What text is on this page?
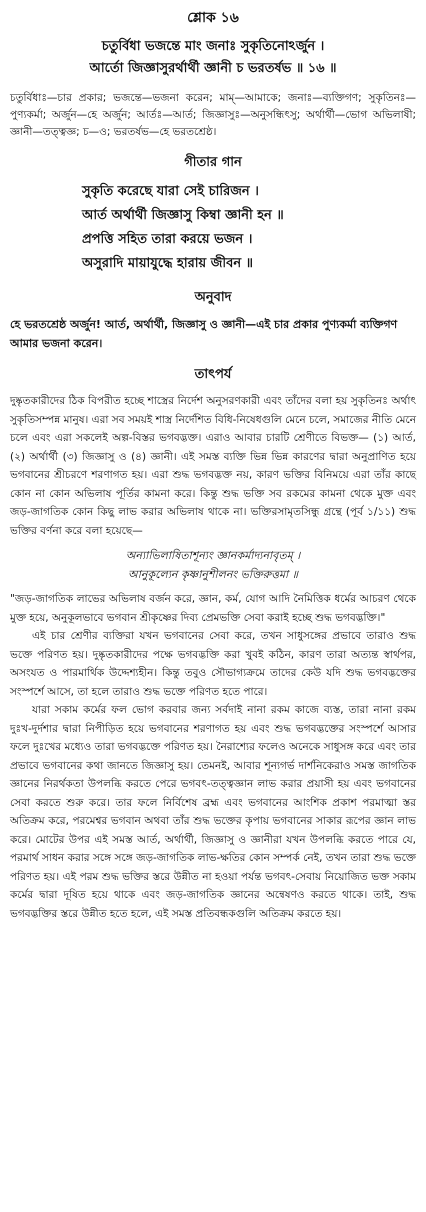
শ্লোক ১৬

চতুর্বিধা ভজন্তে মাং জনাঃ সুকৃতিনোঽর্জুন ।

আর্তো জিজ্ঞাসুরর্থার্থী জ্ঞানী চ ভরতর্ষভ ॥ ১৬ ॥

চতুর্বিধাঃ—চার প্রকার; ভজন্তে—ভজনা করেন; মাম্—আমাকে; জনাঃ—ব্যক্তিগণ; সুকৃতিনঃ—পুণ্যকর্মা; অর্জুন—হে অর্জুন; আর্তঃ—আর্ত; জিজ্ঞাসুঃ—অনুসন্ধিৎসু; অর্থার্থী—ভোগ অভিলাষী; জ্ঞানী—তত্ত্বজ্ঞ; চ—ও; ভরতর্ষভ—হে ভরতশ্রেষ্ঠ।

গীতার গান

সুকৃতি করেছে যারা সেই চারিজন ।

আর্ত অর্থার্থী জিজ্ঞাসু কিম্বা জ্ঞানী হন ॥

প্রপত্তি সহিত তারা করয়ে ভজন ।

অসুরাদি মায়াযুদ্ধে হারায় জীবন ॥

অনুবাদ

হে ভরতশ্রেষ্ঠ অর্জুন! আর্ত, অর্থার্থী, জিজ্ঞাসু ও জ্ঞানী—এই চার প্রকার পুণ্যকর্মা ব্যক্তিগণ আমার ভজনা করেন।

তাৎপর্য

দুষ্কৃতকারীদের ঠিক বিপরীত হচ্ছে শাস্ত্রের নির্দেশ অনুসরণকারী এবং তাঁদের বলা হয় সুকৃতিনঃ অর্থাৎ সুকৃতিসম্পন্ন মানুষ। এরা সব সময়ই শাস্ত্র নির্দেশিত বিধি-নিষেধগুলি মেনে চলে, সমাজের নীতি মেনে চলে এবং এরা সকলেই অল্প-বিস্তর ভগবদ্ভক্ত। এরাও আবার চারটি শ্রেণীতে বিভক্ত— (১) আর্ত, (২) অর্থার্থী (৩) জিজ্ঞাসু ও (৪) জ্ঞানী। এই সমস্ত ব্যক্তি ভিন্ন ভিন্ন কারণের দ্বারা অনুপ্রাণিত হয়ে ভগবানের শ্রীচরণে শরণাগত হয়। এরা শুদ্ধ ভগবদ্ভক্ত নয়, কারণ ভক্তির বিনিময়ে এরা তাঁর কাছে কোন না কোন অভিলাষ পূর্তির কামনা করে। কিন্তু শুদ্ধ ভক্তি সব রকমের কামনা থেকে মুক্ত এবং জড়-জাগতিক কোন কিছু লাভ করার অভিলাষ থাকে না। ভক্তিরসামৃতসিন্ধু গ্রন্থে (পূর্ব ১/১১) শুদ্ধ ভক্তির বর্ণনা করে বলা হয়েছে—

অন্যাভিলাষিতাশূন্যং জ্ঞানকর্মাদ্যনাবৃতম্ ।

আনুকূল্যেন কৃষ্ণানুশীলনং ভক্তিরুত্তমা ॥

"জড়-জাগতিক লাভের অভিলাষ বর্জন করে, জ্ঞান, কর্ম, যোগ আদি নৈমিত্তিক ধর্মের আচরণ থেকে মুক্ত হয়ে, অনুকূলভাবে ভগবান শ্রীকৃষ্ণের দিব্য প্রেমভক্তি সেবা করাই হচ্ছে শুদ্ধ ভগবদ্ভক্তি।"

এই চার শ্রেণীর ব্যক্তিরা যখন ভগবানের সেবা করে, তখন সাধুসঙ্গের প্রভাবে তারাও শুদ্ধ ভক্তে পরিণত হয়। দুষ্কৃতকারীদের পক্ষে ভগবদ্ভক্তি করা খুবই কঠিন, কারণ তারা অত্যন্ত স্বার্থপর, অসংযত ও পারমার্থিক উদ্দেশ্যহীন। কিন্তু তবুও সৌভাগ্যক্রমে তাদের কেউ যদি শুদ্ধ ভগবদ্ভক্তের সংস্পর্শে আসে, তা হলে তারাও শুদ্ধ ভক্তে পরিণত হতে পারে।

যারা সকাম কর্মের ফল ভোগ করবার জন্য সর্বদাই নানা রকম কাজে ব্যস্ত, তারা নানা রকম দুঃখ-দুর্দশার দ্বারা নিপীড়িত হয়ে ভগবানের শরণাগত হয় এবং শুদ্ধ ভগবদ্ভক্তের সংস্পর্শে আসার ফলে দুঃখের মধ্যেও তারা ভগবদ্ভক্তে পরিণত হয়। নৈরাশ্যের ফলেও অনেকে সাধুসঙ্গ করে এবং তার প্রভাবে ভগবানের কথা জানতে জিজ্ঞাসু হয়। তেমনই, আবার শূন্যগর্ভ দার্শনিকেরাও সমস্ত জাগতিক জ্ঞানের নিরর্থকতা উপলব্ধি করতে পেরে ভগবৎ-তত্ত্বজ্ঞান লাভ করার প্রয়াসী হয় এবং ভগবানের সেবা করতে শুরু করে। তার ফলে নির্বিশেষ ব্রহ্ম এবং ভগবানের আংশিক প্রকাশ পরমাত্মা স্তর অতিক্রম করে, পরমেশ্বর ভগবান অথবা তাঁর শুদ্ধ ভক্তের কৃপায় ভগবানের সাকার রূপের জ্ঞান লাভ করে। মোটের উপর এই সমস্ত আর্ত, অর্থার্থী, জিজ্ঞাসু ও জ্ঞানীরা যখন উপলব্ধি করতে পারে যে, পরমার্থ সাধন করার সঙ্গে সঙ্গে জড়-জাগতিক লাভ-ক্ষতির কোন সম্পর্ক নেই, তখন তারা শুদ্ধ ভক্তে পরিণত হয়। এই পরম শুদ্ধ ভক্তির স্তরে উন্নীত না হওয়া পর্যন্ত ভগবৎ-সেবায় নিয়োজিত ভক্ত সকাম কর্মের দ্বারা দূষিত হয়ে থাকে এবং জড়-জাগতিক জ্ঞানের অন্বেষণও করতে থাকে। তাই, শুদ্ধ ভগবদ্ভক্তির স্তরে উন্নীত হতে হলে, এই সমস্ত প্রতিবন্ধকগুলি অতিক্রম করতে হয়।
